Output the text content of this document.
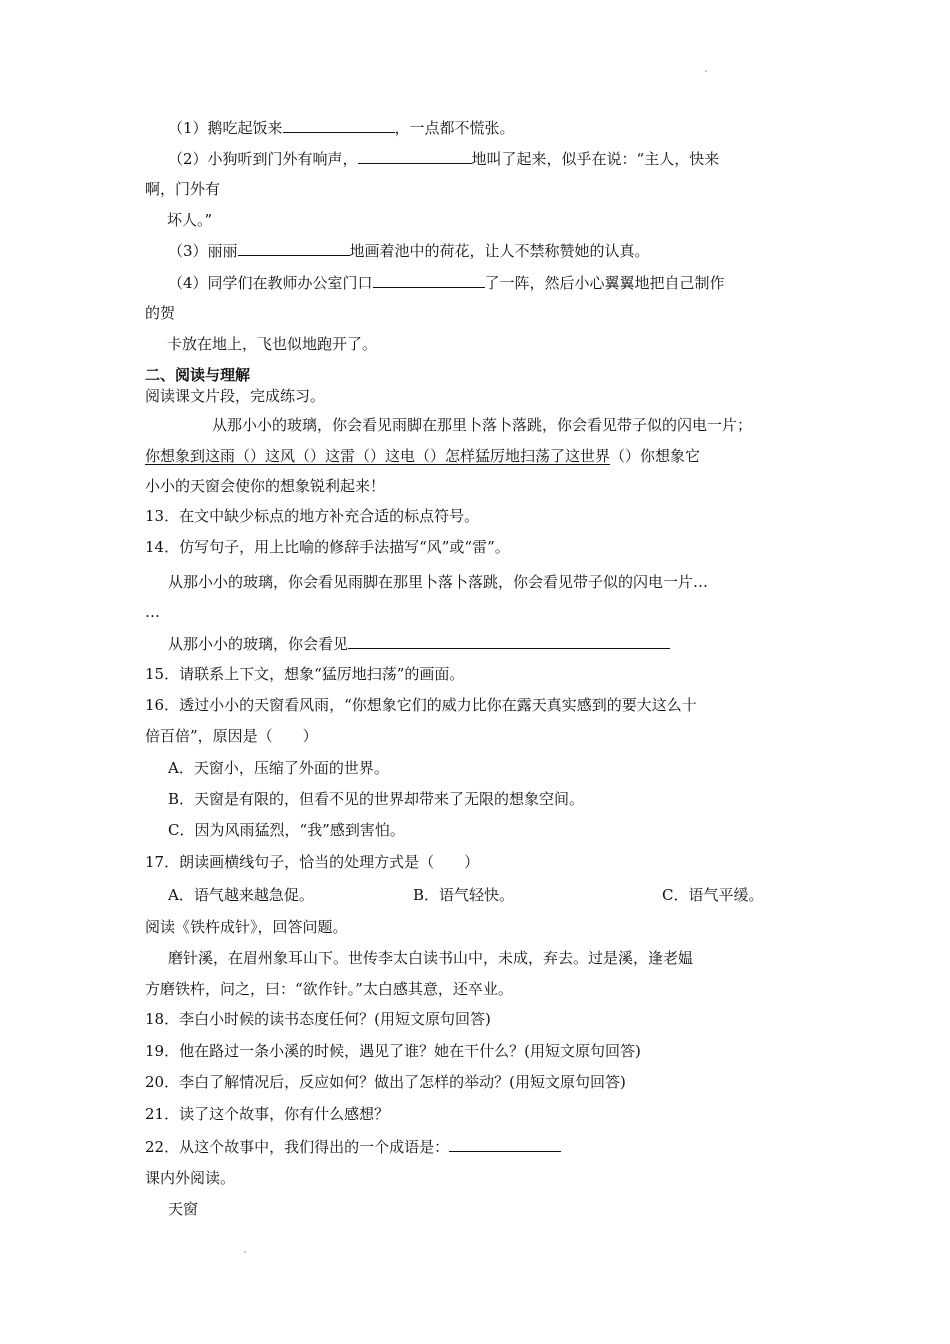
（1）鹅吃起饭来	，一点都不慌张。
（2）小狗听到门外有响声，	地叫了起来，似乎在说：“主人，快来
啊，门外有
坏人。”
（3）丽丽	地画着池中的荷花，让人不禁称赞她的认真。
（4）同学们在教师办公室门口	了一阵，然后小心翼翼地把自己制作
的贺
卡放在地上，飞也似地跑开了。
二、阅读与理解
阅读课文片段，完成练习。
从那小小的玻璃，你会看见雨脚在那里卜落卜落跳，你会看见带子似的闪电一片；
你想象到这雨（）这风（）这雷（）这电（）怎样猛厉地扫荡了这世界（）你想象它
小小的天窗会使你的想象锐利起来！
13．在文中缺少标点的地方补充合适的标点符号。
14．仿写句子，用上比喻的修辞手法描写“风”或“雷”。
从那小小的玻璃，你会看见雨脚在那里卜落卜落跳，你会看见带子似的闪电一片…
…
从那小小的玻璃，你会看见
15．请联系上下文，想象“猛厉地扫荡”的画面。
16．透过小小的天窗看风雨，“你想象它们的威力比你在露天真实感到的要大这么十
倍百倍”，原因是（　　）
A．天窗小，压缩了外面的世界。
B．天窗是有限的，但看不见的世界却带来了无限的想象空间。
C．因为风雨猛烈，“我”感到害怕。
17．朗读画横线句子，恰当的处理方式是（　　）
A．语气越来越急促。	B．语气轻快。	C．语气平缓。
阅读《铁杵成针》，回答问题。
磨针溪，在眉州象耳山下。世传李太白读书山中，未成，弃去。过是溪，逢老媪
方磨铁杵，问之，曰：“欲作针。”太白感其意，还卒业。
18．李白小时候的读书态度任何？(用短文原句回答)
19．他在路过一条小溪的时候，遇见了谁？她在干什么？(用短文原句回答)
20．李白了解情况后，反应如何？做出了怎样的举动？(用短文原句回答)
21．读了这个故事，你有什么感想？
22．从这个故事中，我们得出的一个成语是：
课内外阅读。
天窗
